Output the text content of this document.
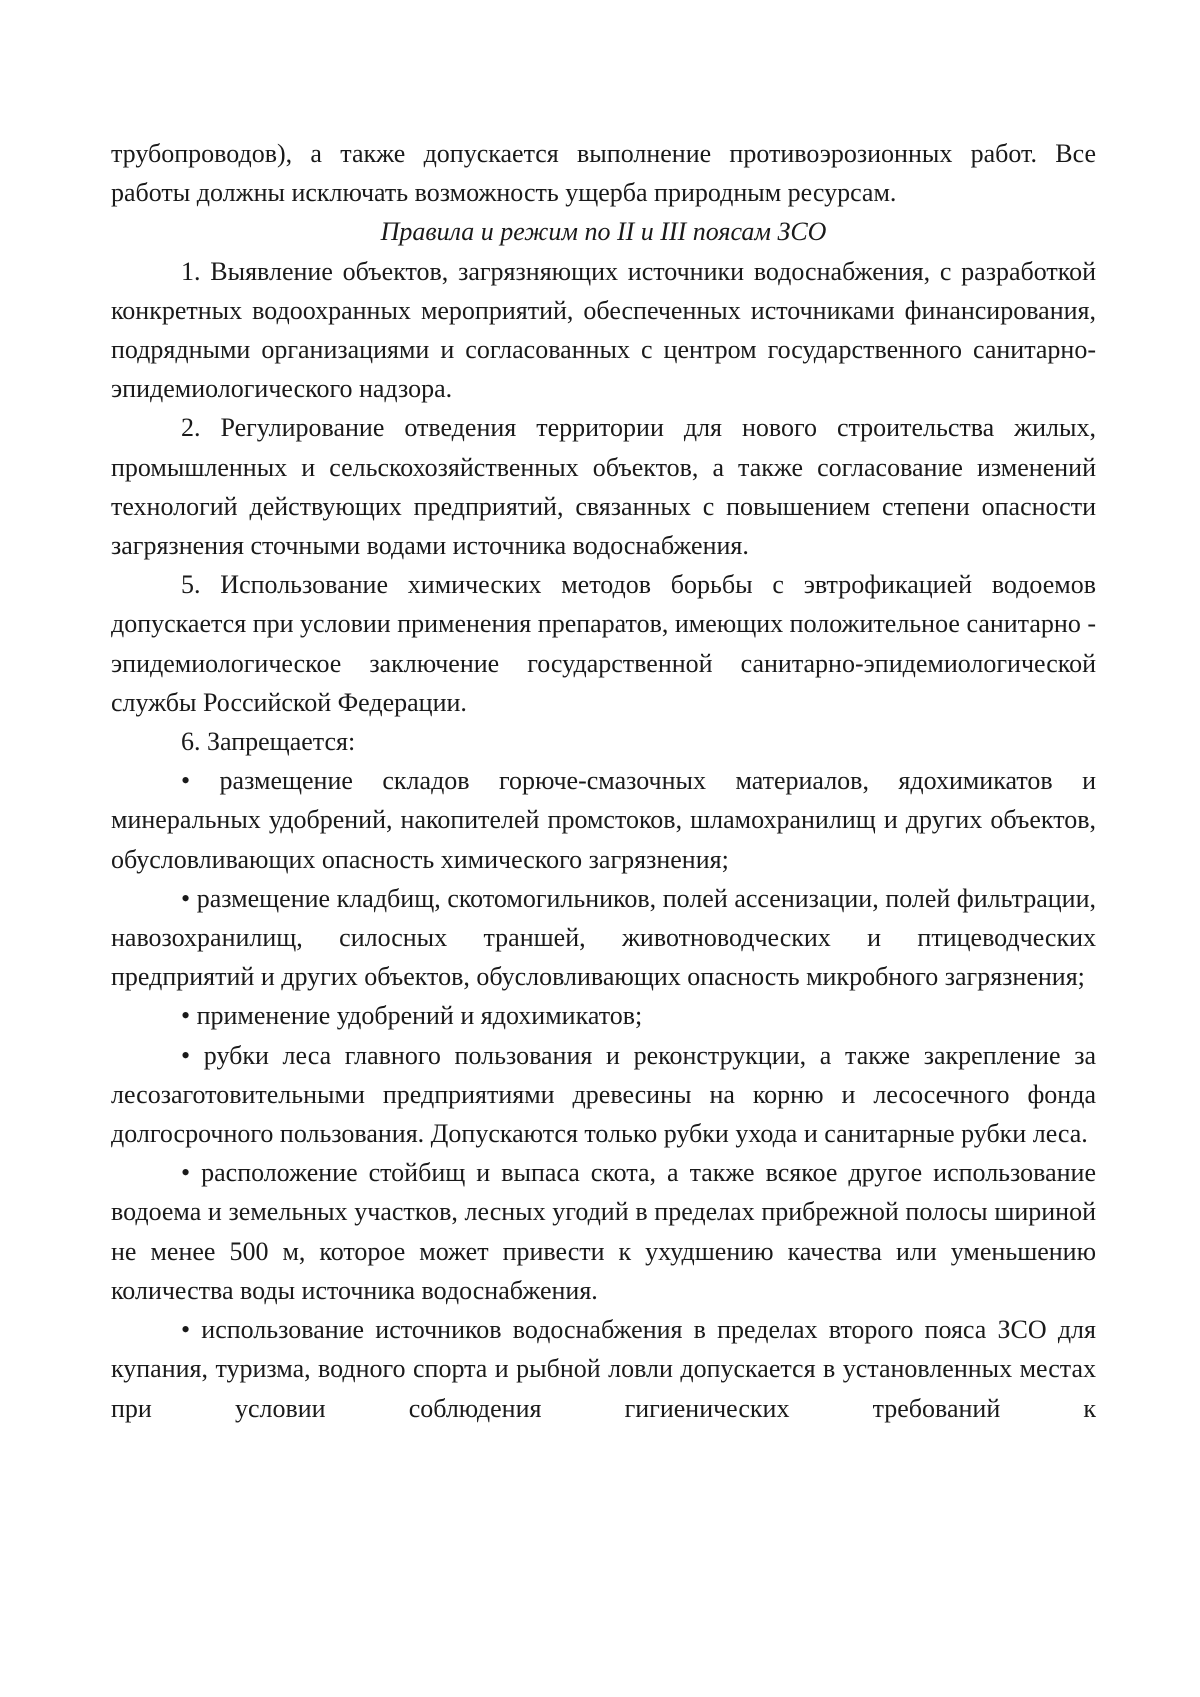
трубопроводов), а также допускается выполнение противоэрозионных работ. Все работы должны исключать возможность ущерба природным ресурсам.

Правила и режим по II и III поясам ЗСО

1. Выявление объектов, загрязняющих источники водоснабжения, с разработкой конкретных водоохранных мероприятий, обеспеченных источниками финансирования, подрядными организациями и согласованных с центром государственного санитарно-эпидемиологического надзора.

2. Регулирование отведения территории для нового строительства жилых, промышленных и сельскохозяйственных объектов, а также согласование изменений технологий действующих предприятий, связанных с повышением степени опасности загрязнения сточными водами источника водоснабжения.

5. Использование химических методов борьбы с эвтрофикацией водоемов допускается при условии применения препаратов, имеющих положительное санитарно - эпидемиологическое заключение государственной санитарно-эпидемиологической службы Российской Федерации.

6. Запрещается:

• размещение складов горюче-смазочных материалов, ядохимикатов и минеральных удобрений, накопителей промстоков, шламохранилищ и других объектов, обусловливающих опасность химического загрязнения;

• размещение кладбищ, скотомогильников, полей ассенизации, полей фильтрации, навозохранилищ, силосных траншей, животноводческих и птицеводческих предприятий и других объектов, обусловливающих опасность микробного загрязнения;

• применение удобрений и ядохимикатов;

• рубки леса главного пользования и реконструкции, а также закрепление за лесозаготовительными предприятиями древесины на корню и лесосечного фонда долгосрочного пользования. Допускаются только рубки ухода и санитарные рубки леса.

• расположение стойбищ и выпаса скота, а также всякое другое использование водоема и земельных участков, лесных угодий в пределах прибрежной полосы шириной не менее 500 м, которое может привести к ухудшению качества или уменьшению количества воды источника водоснабжения.

• использование источников водоснабжения в пределах второго пояса ЗСО для купания, туризма, водного спорта и рыбной ловли допускается в установленных местах при условии соблюдения гигиенических требований к
